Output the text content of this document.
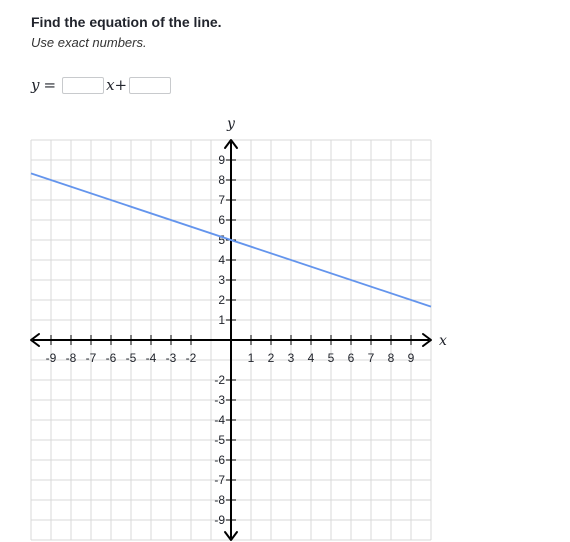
Find the equation of the line.
Use exact numbers.
y =	x +
-9 -8 -7 -6 -5 -4 -3 -2	1 2 3 4 5 6 7 8 9
9
8
7
6
5
4
3
2
1
-2
-3
-4
-5
-6
-7
-8
-9
x
y
